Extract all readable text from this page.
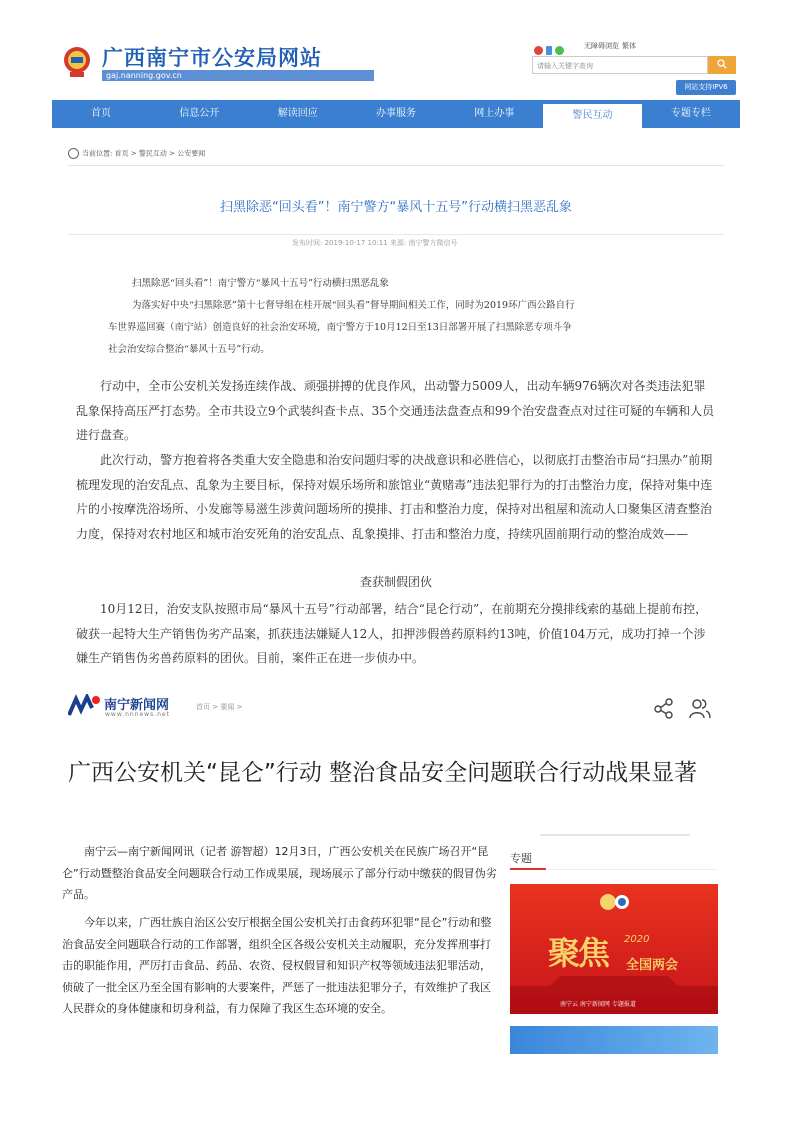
广西南宁市公安局网站
gaj.nanning.gov.cn
无障碍浏览 繁体
请输入关键字查询
网站支持IPV6
首页	信息公开	解读回应	办事服务	网上办事	警民互动	专题专栏
当前位置: 首页 > 警民互动 > 公安要闻
扫黑除恶“回头看”！南宁警方“暴风十五号”行动横扫黑恶乱象
发布时间: 2019-10-17 10:11 来源: 南宁警方微信号
扫黑除恶“回头看”！南宁警方“暴风十五号”行动横扫黑恶乱象
为落实好中央“扫黑除恶”第十七督导组在桂开展“回头看”督导期间相关工作，同时为2019环广西公路自行
车世界巡回赛（南宁站）创造良好的社会治安环境，南宁警方于10月12日至13日部署开展了扫黑除恶专项斗争
社会治安综合整治“暴风十五号”行动。
行动中，全市公安机关发扬连续作战、顽强拼搏的优良作风，出动警力5009人，出动车辆976辆次对各类违法犯罪乱象保持高压严打态势。全市共设立9个武装纠查卡点、35个交通违法盘查点和99个治安盘查点对过往可疑的车辆和人员进行盘查。
此次行动，警方抱着将各类重大安全隐患和治安问题归零的决战意识和必胜信心，以彻底打击整治市局“扫黑办”前期梳理发现的治安乱点、乱象为主要目标，保持对娱乐场所和旅馆业“黄赌毒”违法犯罪行为的打击整治力度，保持对集中连片的小按摩洗浴场所、小发廊等易滋生涉黄问题场所的摸排、打击和整治力度，保持对出租屋和流动人口聚集区清查整治力度，保持对农村地区和城市治安死角的治安乱点、乱象摸排、打击和整治力度，持续巩固前期行动的整治成效——
查获制假团伙
10月12日，治安支队按照市局“暴风十五号”行动部署，结合“昆仑行动”，在前期充分摸排线索的基础上提前布控，破获一起特大生产销售伪劣产品案，抓获违法嫌疑人12人，扣押涉假兽药原料约13吨，价值104万元，成功打掉一个涉嫌生产销售伪劣兽药原料的团伙。目前，案件正在进一步侦办中。
南宁新闻网
www.nnnews.net
首页 > 要闻 >
广西公安机关“昆仑”行动 整治食品安全问题联合行动战果显著
南宁云—南宁新闻网讯（记者 游智超）12月3日，广西公安机关在民族广场召开“昆仑”行动暨整治食品安全问题联合行动工作成果展，现场展示了部分行动中缴获的假冒伪劣产品。
今年以来，广西壮族自治区公安厅根据全国公安机关打击食药环犯罪“昆仑”行动和整治食品安全问题联合行动的工作部署，组织全区各级公安机关主动履职，充分发挥刑事打击的职能作用，严厉打击食品、药品、农资、侵权假冒和知识产权等领域违法犯罪活动，侦破了一批全区乃至全国有影响的大要案件，严惩了一批违法犯罪分子，有效维护了我区人民群众的身体健康和切身利益，有力保障了我区生态环境的安全。
专题
聚焦 2020
全国两会
南宁云 南宁新闻网 专题报道
